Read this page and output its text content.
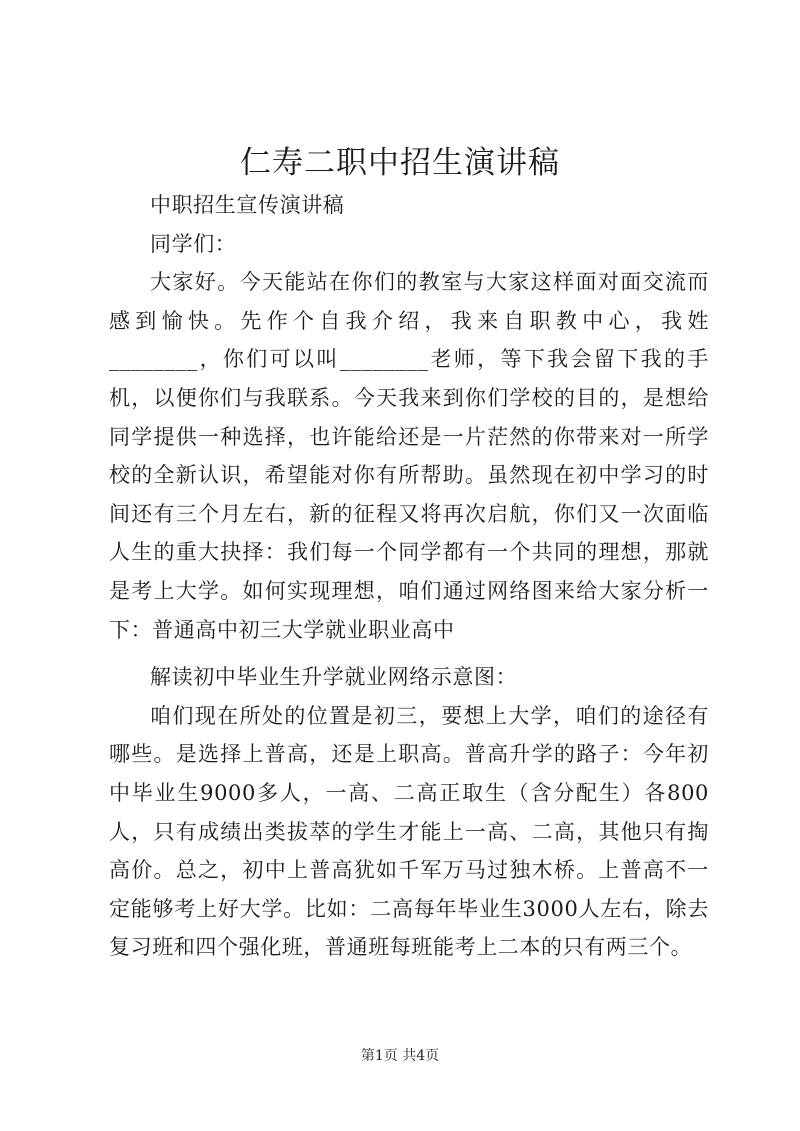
仁寿二职中招生演讲稿

中职招生宣传演讲稿

同学们：

大家好。今天能站在你们的教室与大家这样面对面交流而感到愉快。先作个自我介绍，我来自职教中心，我姓________，你们可以叫________老师，等下我会留下我的手机，以便你们与我联系。今天我来到你们学校的目的，是想给同学提供一种选择，也许能给还是一片茫然的你带来对一所学校的全新认识，希望能对你有所帮助。虽然现在初中学习的时间还有三个月左右，新的征程又将再次启航，你们又一次面临人生的重大抉择：我们每一个同学都有一个共同的理想，那就是考上大学。如何实现理想，咱们通过网络图来给大家分析一下：普通高中初三大学就业职业高中

解读初中毕业生升学就业网络示意图：

咱们现在所处的位置是初三，要想上大学，咱们的途径有哪些。是选择上普高，还是上职高。普高升学的路子：今年初中毕业生9000多人，一高、二高正取生（含分配生）各800人，只有成绩出类拔萃的学生才能上一高、二高，其他只有掏高价。总之，初中上普高犹如千军万马过独木桥。上普高不一定能够考上好大学。比如：二高每年毕业生3000人左右，除去复习班和四个强化班，普通班每班能考上二本的只有两三个。

第1页 共4页
